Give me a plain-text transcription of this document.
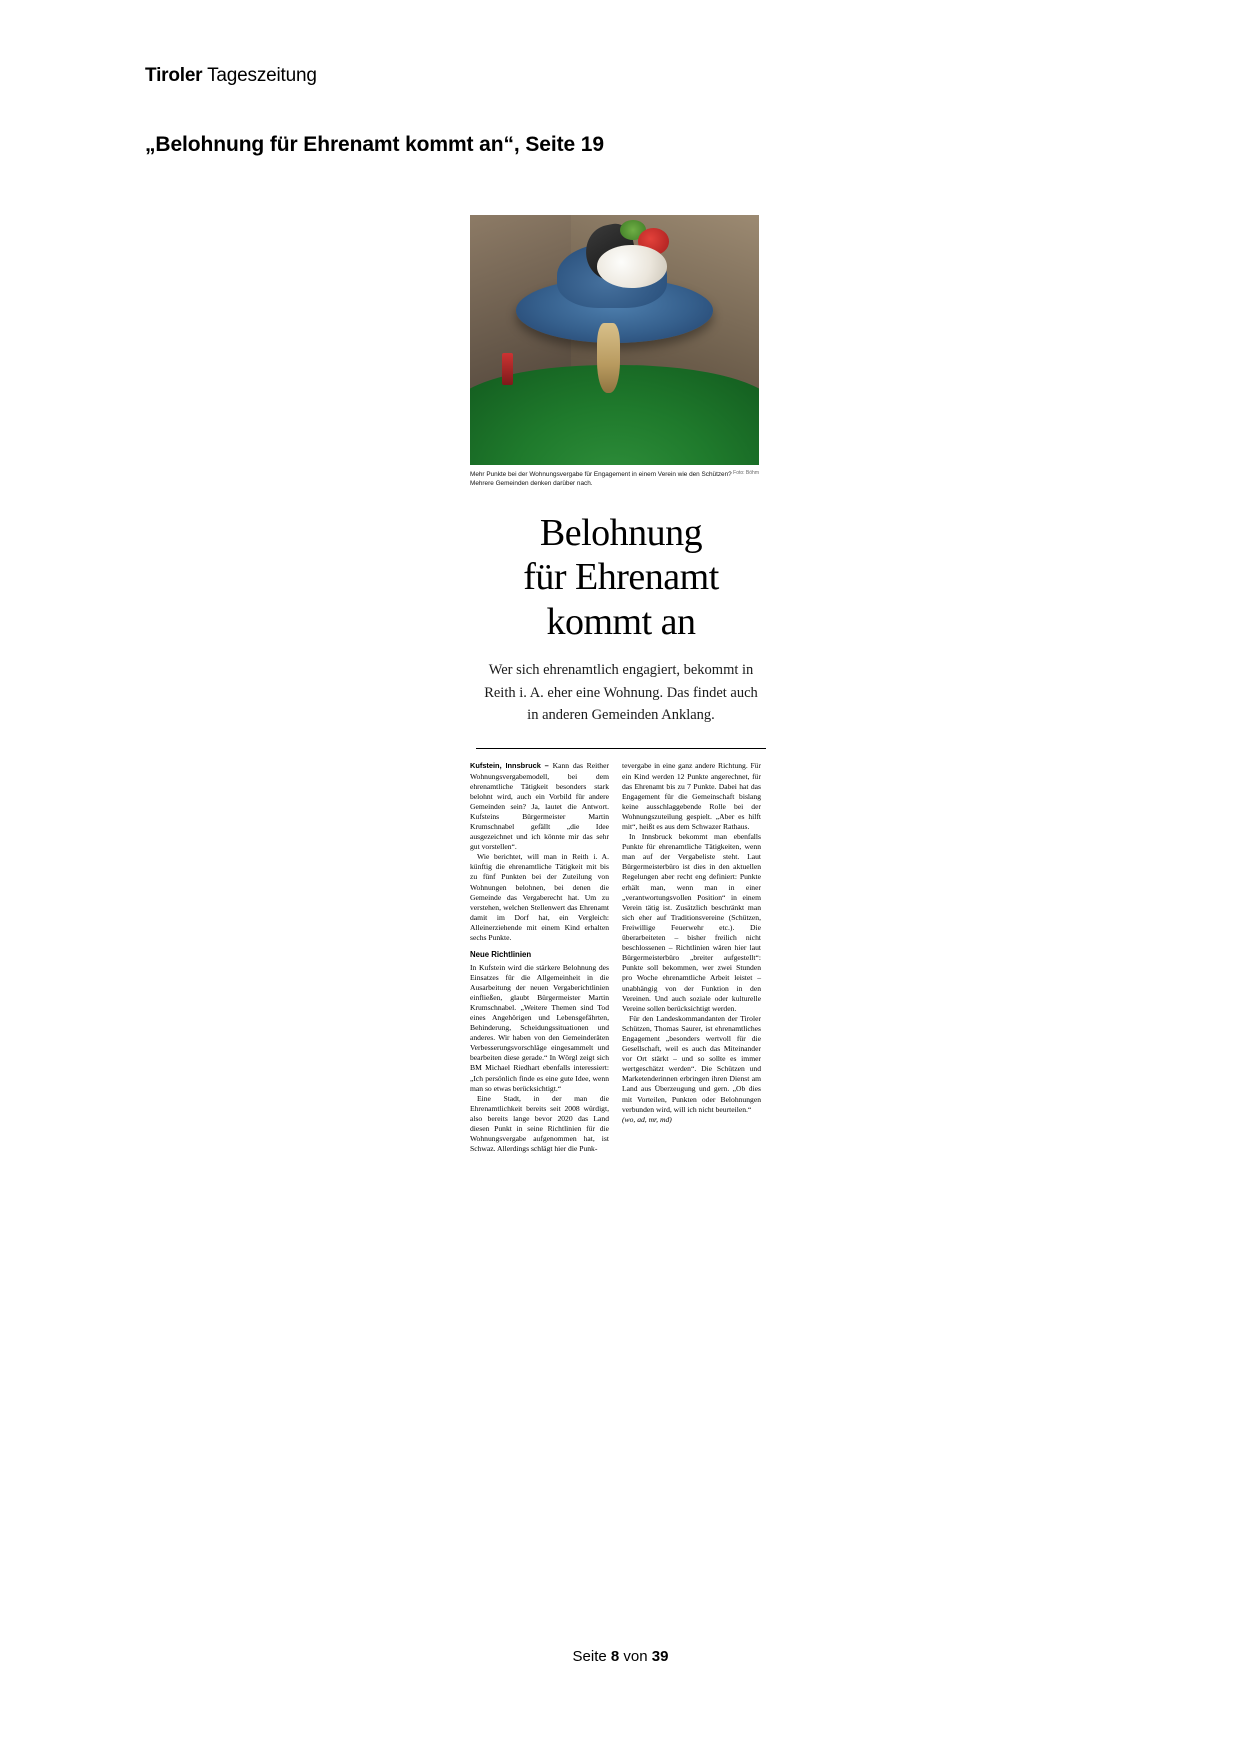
Tiroler Tageszeitung
„Belohnung für Ehrenamt kommt an“, Seite 19
Foto: Böhm
Mehr Punkte bei der Wohnungsvergabe für Engagement in einem Verein wie den Schützen? Mehrere Gemeinden denken darüber nach.
Belohnung
für Ehrenamt
kommt an
Wer sich ehrenamtlich engagiert, bekommt in Reith i. A. eher eine Wohnung. Das findet auch in anderen Gemeinden Anklang.

Kufstein, Innsbruck – Kann das Reither Wohnungsvergabemodell, bei dem ehrenamtliche Tätigkeit besonders stark belohnt wird, auch ein Vorbild für andere Gemeinden sein? Ja, lautet die Antwort. Kufsteins Bürgermeister Martin Krumschnabel gefällt „die Idee ausgezeichnet und ich könnte mir das sehr gut vorstellen“.

Wie berichtet, will man in Reith i. A. künftig die ehrenamtliche Tätigkeit mit bis zu fünf Punkten bei der Zuteilung von Wohnungen belohnen, bei denen die Gemeinde das Vergaberecht hat. Um zu verstehen, welchen Stellenwert das Ehrenamt damit im Dorf hat, ein Vergleich: Alleinerziehende mit einem Kind erhalten sechs Punkte.

Neue Richtlinien

In Kufstein wird die stärkere Belohnung des Einsatzes für die Allgemeinheit in die Ausarbeitung der neuen Vergaberichtlinien einfließen, glaubt Bürgermeister Martin Krumschnabel. „Weitere Themen sind Tod eines Angehörigen und Lebensgefährten, Behinderung, Scheidungssituationen und anderes. Wir haben von den Gemeinderäten Verbesserungsvorschläge eingesammelt und bearbeiten diese gerade.“ In Wörgl zeigt sich BM Michael Riedhart ebenfalls interessiert: „Ich persönlich finde es eine gute Idee, wenn man so etwas berücksichtigt.“

Eine Stadt, in der man die Ehrenamtlichkeit bereits seit 2008 würdigt, also bereits lange bevor 2020 das Land diesen Punkt in seine Richtlinien für die Wohnungsvergabe aufgenommen hat, ist Schwaz. Allerdings schlägt hier die Punk-

tevergabe in eine ganz andere Richtung. Für ein Kind werden 12 Punkte angerechnet, für das Ehrenamt bis zu 7 Punkte. Dabei hat das Engagement für die Gemeinschaft bislang keine ausschlaggebende Rolle bei der Wohnungszuteilung gespielt. „Aber es hilft mit“, heißt es aus dem Schwazer Rathaus.

In Innsbruck bekommt man ebenfalls Punkte für ehrenamtliche Tätigkeiten, wenn man auf der Vergabeliste steht. Laut Bürgermeisterbüro ist dies in den aktuellen Regelungen aber recht eng definiert: Punkte erhält man, wenn man in einer „verantwortungsvollen Position“ in einem Verein tätig ist. Zusätzlich beschränkt man sich eher auf Traditionsvereine (Schützen, Freiwillige Feuerwehr etc.). Die überarbeiteten – bisher freilich nicht beschlossenen – Richtlinien wären hier laut Bürgermeisterbüro „breiter aufgestellt“: Punkte soll bekommen, wer zwei Stunden pro Woche ehrenamtliche Arbeit leistet – unabhängig von der Funktion in den Vereinen. Und auch soziale oder kulturelle Vereine sollen berücksichtigt werden.

Für den Landeskommandanten der Tiroler Schützen, Thomas Saurer, ist ehrenamtliches Engagement „besonders wertvoll für die Gesellschaft, weil es auch das Miteinander vor Ort stärkt – und so sollte es immer wertgeschätzt werden“. Die Schützen und Marketenderinnen erbringen ihren Dienst am Land aus Überzeugung und gern. „Ob dies mit Vorteilen, Punkten oder Belohnungen verbunden wird, will ich nicht beurteilen.“

(wo, ad, mr, md)

Seite 8 von 39
